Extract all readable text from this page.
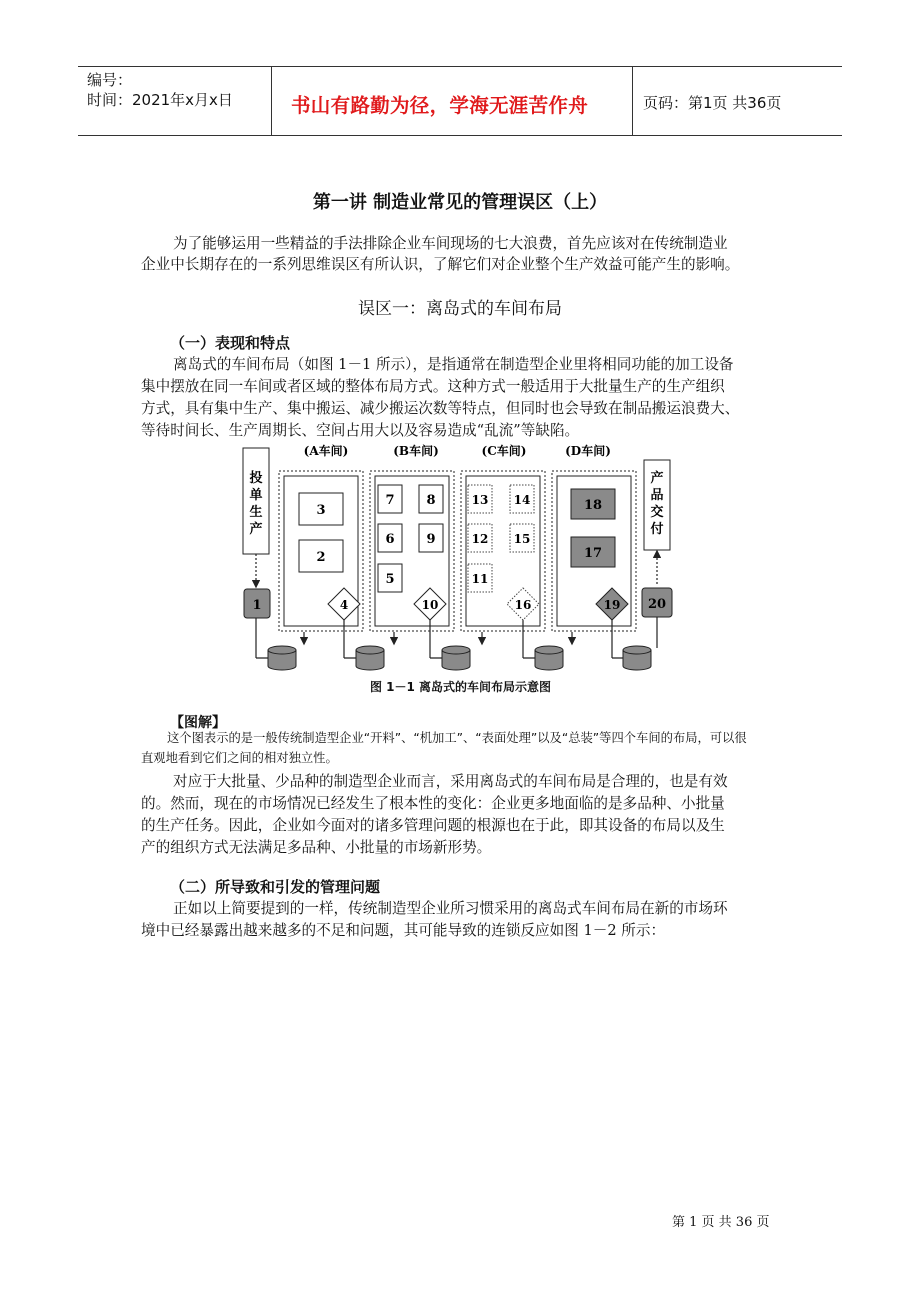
编号：
时间：2021年x月x日	书山有路勤为径，学海无涯苦作舟	页码：第1页 共36页
第一讲 制造业常见的管理误区（上）
为了能够运用一些精益的手法排除企业车间现场的七大浪费，首先应该对在传统制造业
企业中长期存在的一系列思维误区有所认识，了解它们对企业整个生产效益可能产生的影响。
误区一：离岛式的车间布局
（一）表现和特点
离岛式的车间布局（如图 1－1 所示），是指通常在制造型企业里将相同功能的加工设备
集中摆放在同一车间或者区域的整体布局方式。这种方式一般适用于大批量生产的生产组织
方式，具有集中生产、集中搬运、减少搬运次数等特点，但同时也会导致在制品搬运浪费大、
等待时间长、生产周期长、空间占用大以及容易造成“乱流”等缺陷。
(A车间)	(B车间)	(C车间)	(D车间)
投
单
生
产
产
品
交
付
3
2
7 8
6 9
5
13 14
12 15
11
18
17
1	4	10	16	19 20
图 1－1 离岛式的车间布局示意图
【图解】
这个图表示的是一般传统制造型企业“开料”、“机加工”、“表面处理”以及“总装”等四个车间的布局，可以很
直观地看到它们之间的相对独立性。
对应于大批量、少品种的制造型企业而言，采用离岛式的车间布局是合理的，也是有效
的。然而，现在的市场情况已经发生了根本性的变化：企业更多地面临的是多品种、小批量
的生产任务。因此，企业如今面对的诸多管理问题的根源也在于此，即其设备的布局以及生
产的组织方式无法满足多品种、小批量的市场新形势。
（二）所导致和引发的管理问题
正如以上简要提到的一样，传统制造型企业所习惯采用的离岛式车间布局在新的市场环
境中已经暴露出越来越多的不足和问题，其可能导致的连锁反应如图 1－2 所示：
第 1 页 共 36 页
